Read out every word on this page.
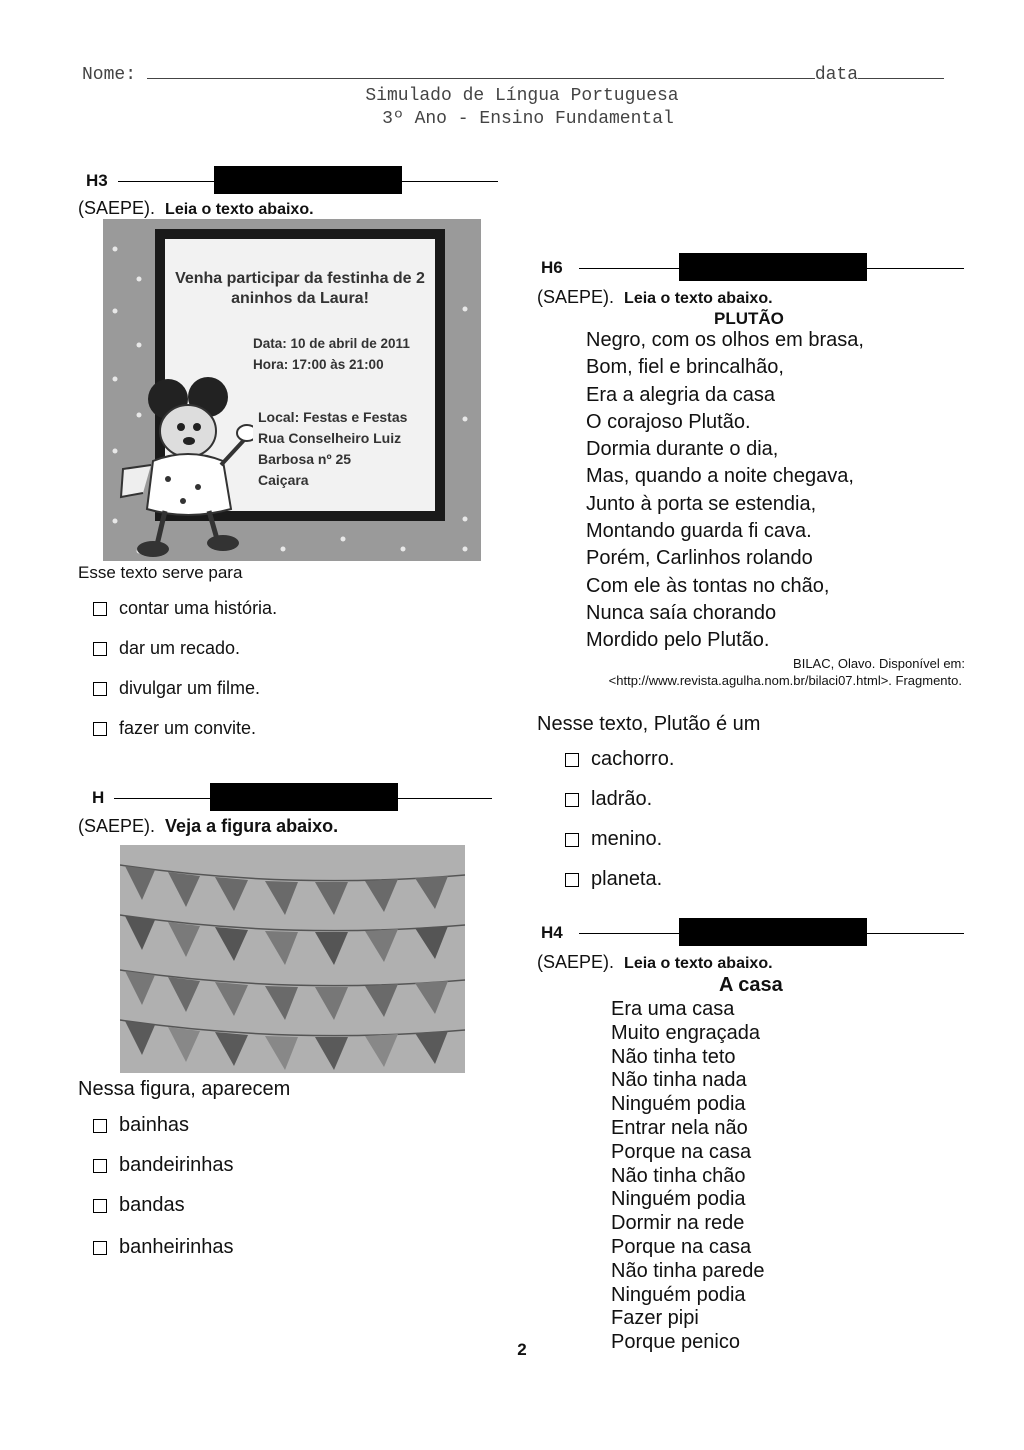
Nome:	data
Simulado de Língua Portuguesa
3º Ano - Ensino Fundamental
H3
(SAEPE). Leia o texto abaixo.
Venha participar da festinha de 2 aninhos da Laura!
Data: 10 de abril de 2011
Hora: 17:00 às 21:00
Local: Festas e Festas
Rua Conselheiro Luiz
Barbosa nº 25
Caiçara
Esse texto serve para
contar uma história.
dar um recado.
divulgar um filme.
fazer um convite.
H
(SAEPE). Veja a figura abaixo.
Nessa figura, aparecem
bainhas
bandeirinhas
bandas
banheirinhas
H6
(SAEPE). Leia o texto abaixo.
PLUTÃO
Negro, com os olhos em brasa,
Bom, fiel e brincalhão,
Era a alegria da casa
O corajoso Plutão.
Dormia durante o dia,
Mas, quando a noite chegava,
Junto à porta se estendia,
Montando guarda fi cava.
Porém, Carlinhos rolando
Com ele às tontas no chão,
Nunca saía chorando
Mordido pelo Plutão.
BILAC, Olavo. Disponível em:
<http://www.revista.agulha.nom.br/bilaci07.html>. Fragmento.
Nesse texto, Plutão é um
cachorro.
ladrão.
menino.
planeta.
H4
(SAEPE). Leia o texto abaixo.
A casa
Era uma casa
Muito engraçada
Não tinha teto
Não tinha nada
Ninguém podia
Entrar nela não
Porque na casa
Não tinha chão
Ninguém podia
Dormir na rede
Porque na casa
Não tinha parede
Ninguém podia
Fazer pipi
Porque penico
2
